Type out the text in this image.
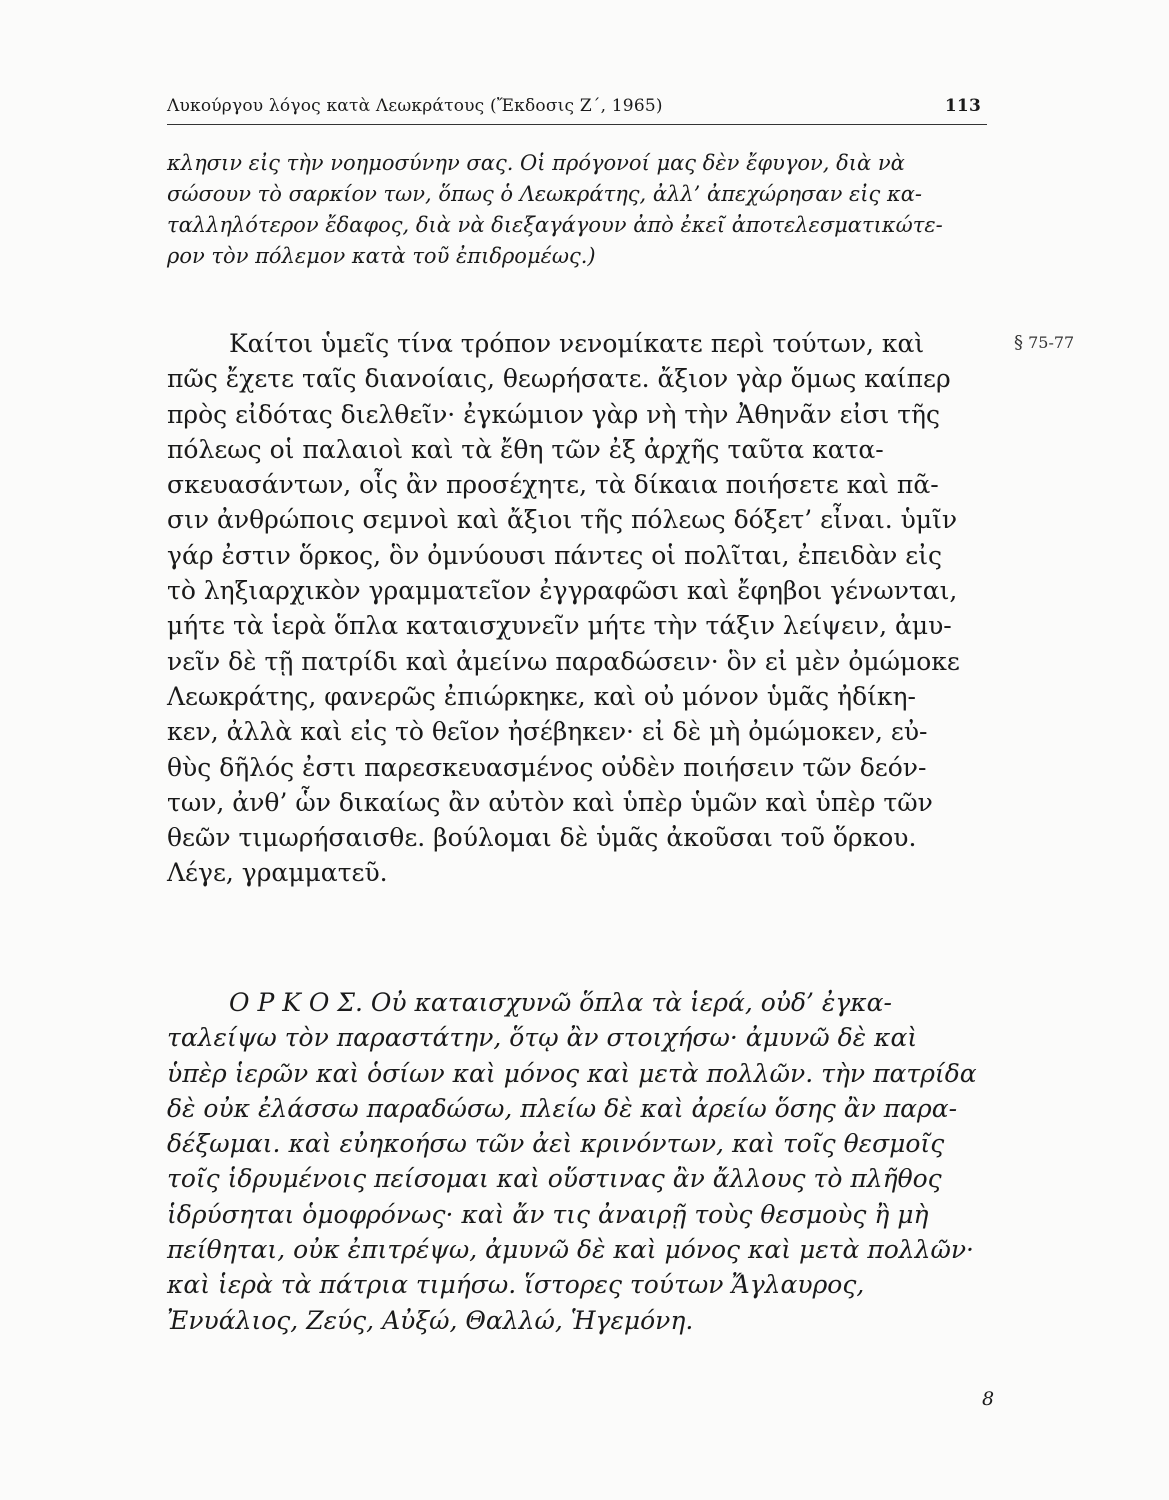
Λυκούργου λόγος κατὰ Λεωκράτους (Ἔκδοσις Ζ΄, 1965)	113
κλησιν εἰς τὴν νοημοσύνην σας. Οἱ πρόγονοί μας δὲν ἔφυγον, διὰ νὰ
σώσουν τὸ σαρκίον των, ὅπως ὁ Λεωκράτης, ἀλλ’ ἀπεχώρησαν εἰς κα-
ταλληλότερον ἔδαφος, διὰ νὰ διεξαγάγουν ἀπὸ ἐκεῖ ἀποτελεσματικώτε-
ρον τὸν πόλεμον κατὰ τοῦ ἐπιδρομέως.)
§ 75-77
Καίτοι ὑμεῖς τίνα τρόπον νενομίκατε περὶ τούτων, καὶ
πῶς ἔχετε ταῖς διανοίαις, θεωρήσατε. ἄξιον γὰρ ὅμως καίπερ
πρὸς εἰδότας διελθεῖν· ἐγκώμιον γὰρ νὴ τὴν Ἀθηνᾶν εἰσι τῆς
πόλεως οἱ παλαιοὶ καὶ τὰ ἔθη τῶν ἐξ ἀρχῆς ταῦτα κατα-
σκευασάντων, οἷς ἂν προσέχητε, τὰ δίκαια ποιήσετε καὶ πᾶ-
σιν ἀνθρώποις σεμνοὶ καὶ ἄξιοι τῆς πόλεως δόξετ’ εἶναι. ὑμῖν
γάρ ἐστιν ὅρκος, ὃν ὀμνύουσι πάντες οἱ πολῖται, ἐπειδὰν εἰς
τὸ ληξιαρχικὸν γραμματεῖον ἐγγραφῶσι καὶ ἔφηβοι γένωνται,
μήτε τὰ ἱερὰ ὅπλα καταισχυνεῖν μήτε τὴν τάξιν λείψειν, ἀμυ-
νεῖν δὲ τῇ πατρίδι καὶ ἀμείνω παραδώσειν· ὃν εἰ μὲν ὀμώμοκε
Λεωκράτης, φανερῶς ἐπιώρκηκε, καὶ οὐ μόνον ὑμᾶς ἠδίκη-
κεν, ἀλλὰ καὶ εἰς τὸ θεῖον ἠσέβηκεν· εἰ δὲ μὴ ὀμώμοκεν, εὐ-
θὺς δῆλός ἐστι παρεσκευασμένος οὐδὲν ποιήσειν τῶν δεόν-
των, ἀνθ’ ὧν δικαίως ἂν αὐτὸν καὶ ὑπὲρ ὑμῶν καὶ ὑπὲρ τῶν
θεῶν τιμωρήσαισθε. βούλομαι δὲ ὑμᾶς ἀκοῦσαι τοῦ ὅρκου.
Λέγε, γραμματεῦ.
Ο Ρ Κ Ο Σ. Οὐ καταισχυνῶ ὅπλα τὰ ἱερά, οὐδ’ ἐγκα-
ταλείψω τὸν παραστάτην, ὅτῳ ἂν στοιχήσω· ἀμυνῶ δὲ καὶ
ὑπὲρ ἱερῶν καὶ ὁσίων καὶ μόνος καὶ μετὰ πολλῶν. τὴν πατρίδα
δὲ οὐκ ἐλάσσω παραδώσω, πλείω δὲ καὶ ἀρείω ὅσης ἂν παρα-
δέξωμαι. καὶ εὐηκοήσω τῶν ἀεὶ κρινόντων, καὶ τοῖς θεσμοῖς
τοῖς ἱδρυμένοις πείσομαι καὶ οὕστινας ἂν ἄλλους τὸ πλῆθος
ἱδρύσηται ὁμοφρόνως· καὶ ἄν τις ἀναιρῇ τοὺς θεσμοὺς ἢ μὴ
πείθηται, οὐκ ἐπιτρέψω, ἀμυνῶ δὲ καὶ μόνος καὶ μετὰ πολλῶν·
καὶ ἱερὰ τὰ πάτρια τιμήσω. ἵστορες τούτων Ἄγλαυρος,
Ἐνυάλιος, Ζεύς, Αὐξώ, Θαλλώ, Ἡγεμόνη.
8
